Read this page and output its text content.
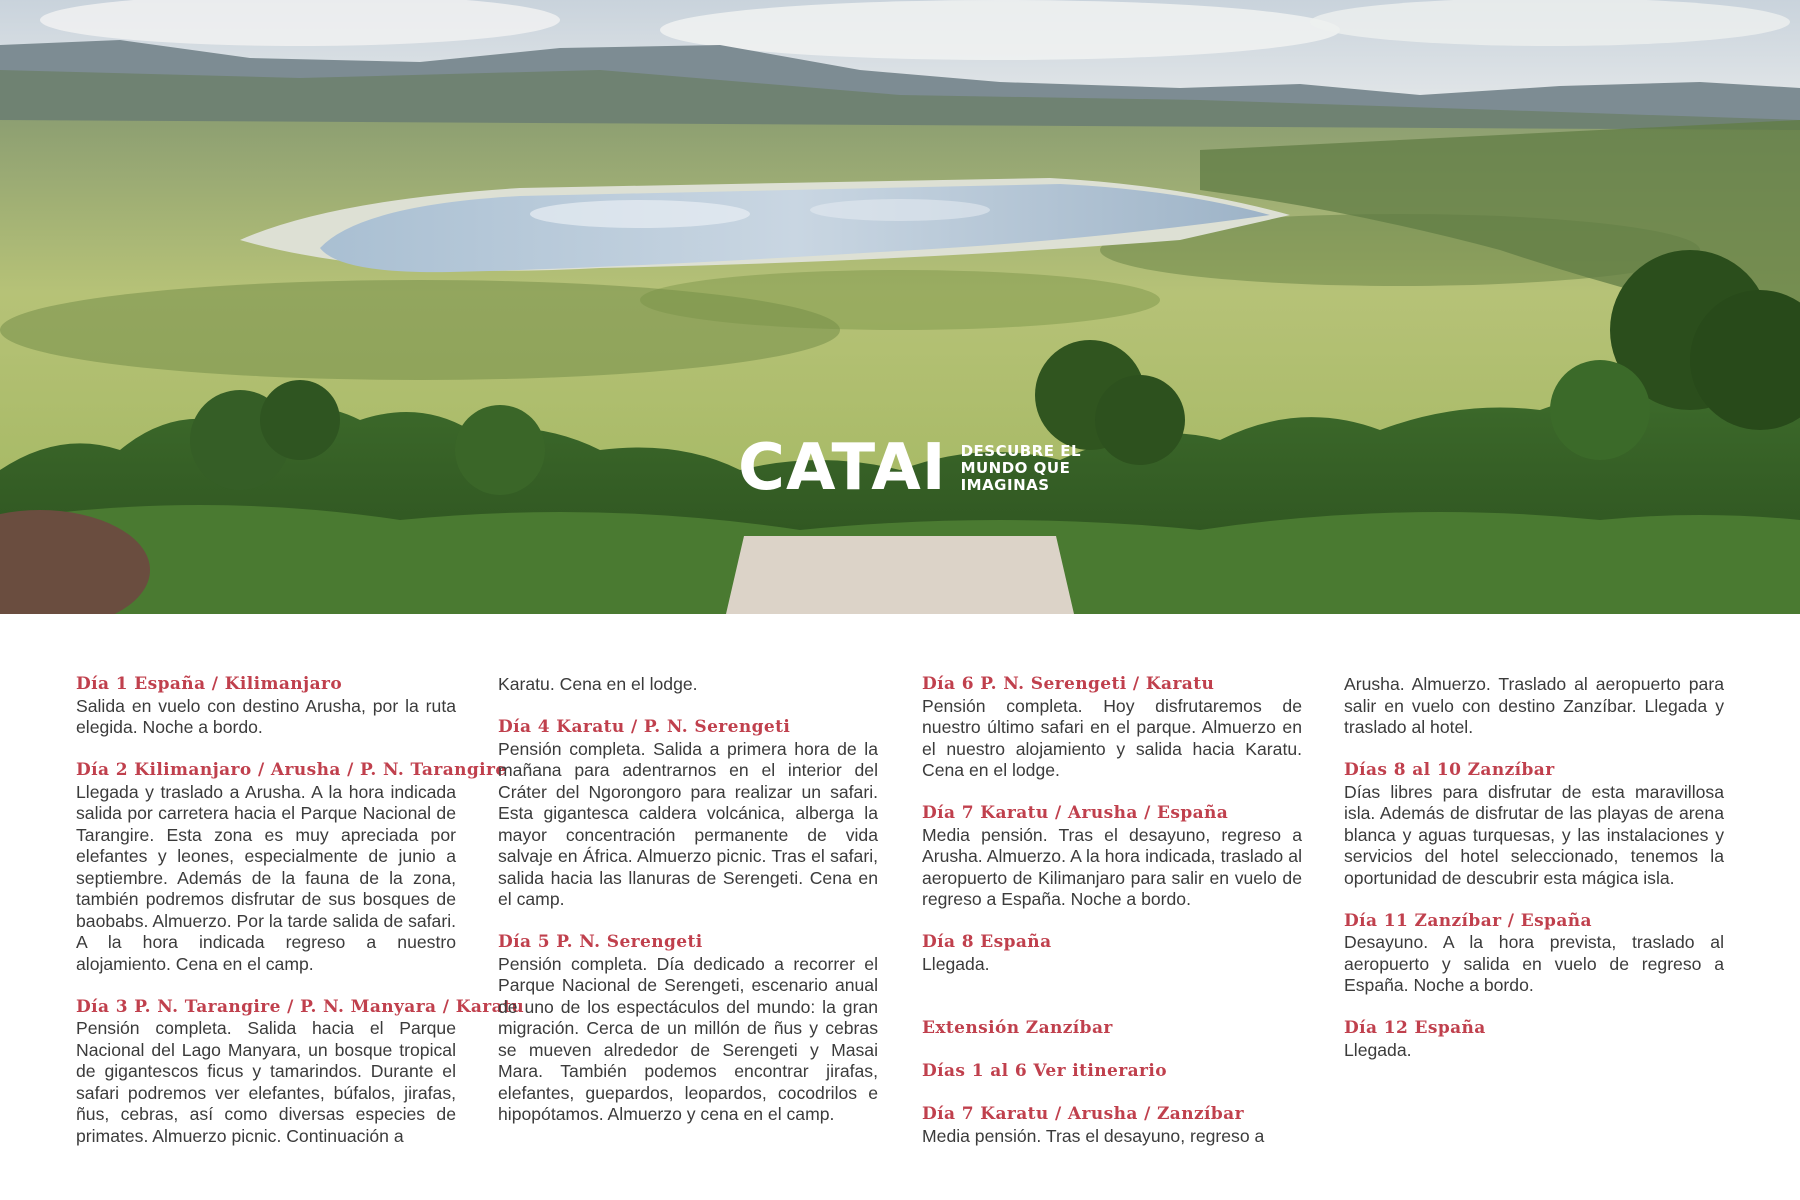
CATAI DESCUBRE EL
MUNDO QUE
IMAGINAS
Día 1 España / Kilimanjaro
Salida en vuelo con destino Arusha, por la ruta elegida. Noche a bordo.
Día 2 Kilimanjaro / Arusha / P. N. Tarangire
Llegada y traslado a Arusha. A la hora indicada salida por carretera hacia el Parque Nacional de Tarangire. Esta zona es muy apreciada por elefantes y leones, especialmente de junio a septiembre. Además de la fauna de la zona, también podremos disfrutar de sus bosques de baobabs. Almuerzo. Por la tarde salida de safari. A la hora indicada regreso a nuestro alojamiento. Cena en el camp.
Día 3 P. N. Tarangire / P. N. Manyara / Karatu
Pensión completa. Salida hacia el Parque Nacional del Lago Manyara, un bosque tropical de gigantescos ficus y tamarindos. Durante el safari podremos ver elefantes, búfalos, jirafas, ñus, cebras, así como diversas especies de primates. Almuerzo picnic. Continuación a
Karatu. Cena en el lodge.
Día 4 Karatu / P. N. Serengeti
Pensión completa. Salida a primera hora de la mañana para adentrarnos en el interior del Cráter del Ngorongoro para realizar un safari. Esta gigantesca caldera volcánica, alberga la mayor concentración permanente de vida salvaje en África. Almuerzo picnic. Tras el safari, salida hacia las llanuras de Serengeti. Cena en el camp.
Día 5 P. N. Serengeti
Pensión completa. Día dedicado a recorrer el Parque Nacional de Serengeti, escenario anual de uno de los espectáculos del mundo: la gran migración. Cerca de un millón de ñus y cebras se mueven alrededor de Serengeti y Masai Mara. También podemos encontrar jirafas, elefantes, guepardos, leopardos, cocodrilos e hipopótamos. Almuerzo y cena en el camp.
Día 6 P. N. Serengeti / Karatu
Pensión completa. Hoy disfrutaremos de nuestro último safari en el parque. Almuerzo en el nuestro alojamiento y salida hacia Karatu. Cena en el lodge.
Día 7 Karatu / Arusha / España
Media pensión. Tras el desayuno, regreso a Arusha. Almuerzo. A la hora indicada, traslado al aeropuerto de Kilimanjaro para salir en vuelo de regreso a España. Noche a bordo.
Día 8 España
Llegada.
Extensión Zanzíbar
Días 1 al 6 Ver itinerario
Día 7 Karatu / Arusha / Zanzíbar
Media pensión. Tras el desayuno, regreso a
Arusha. Almuerzo. Traslado al aeropuerto para salir en vuelo con destino Zanzíbar. Llegada y traslado al hotel.
Días 8 al 10 Zanzíbar
Días libres para disfrutar de esta maravillosa isla. Además de disfrutar de las playas de arena blanca y aguas turquesas, y las instalaciones y servicios del hotel seleccionado, tenemos la oportunidad de descubrir esta mágica isla.
Día 11 Zanzíbar / España
Desayuno. A la hora prevista, traslado al aeropuerto y salida en vuelo de regreso a España. Noche a bordo.
Día 12 España
Llegada.
